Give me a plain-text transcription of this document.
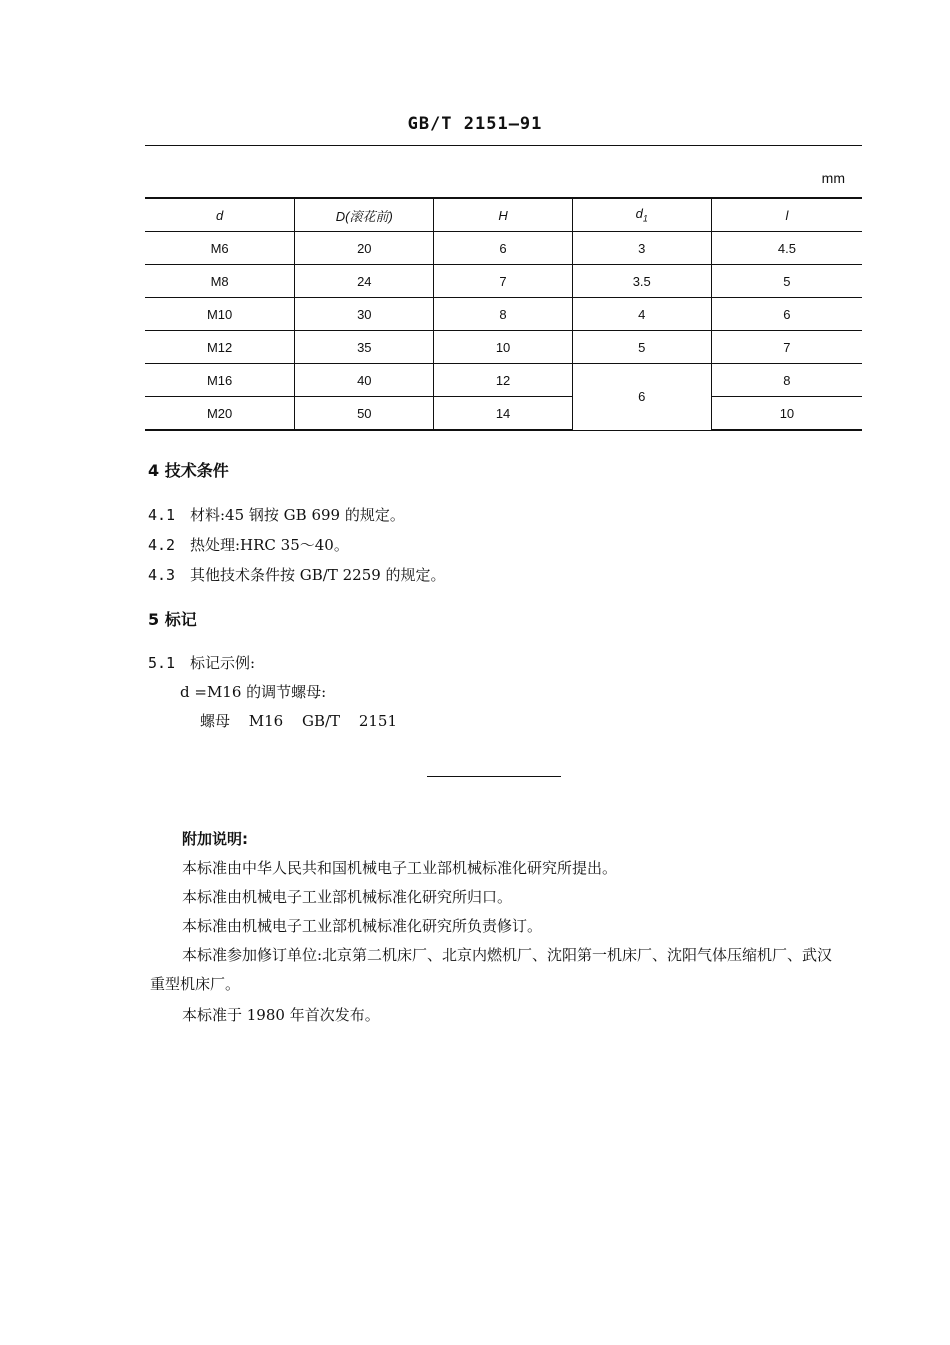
GB/T 2151—91
mm
d	D(滚花前)	H	$d_1$	l
M6	20	6	3	4.5
M8	24	7	3.5	5
M10	30	8	4	6
M12	35	10	5	7
M16	40	12	6	8
M20	50	14		10
4 技术条件
4.1 材料:45 钢按 GB 699 的规定。
4.2 热处理:HRC 35～40。
4.3 其他技术条件按 GB/T 2259 的规定。
5 标记
5.1 标记示例:
d =M16 的调节螺母:
螺母 M16 GB/T 2151
附加说明:
本标准由中华人民共和国机械电子工业部机械标准化研究所提出。
本标准由机械电子工业部机械标准化研究所归口。
本标准由机械电子工业部机械标准化研究所负责修订。
本标准参加修订单位:北京第二机床厂、北京内燃机厂、沈阳第一机床厂、沈阳气体压缩机厂、武汉
重型机床厂。
本标准于 1980 年首次发布。
